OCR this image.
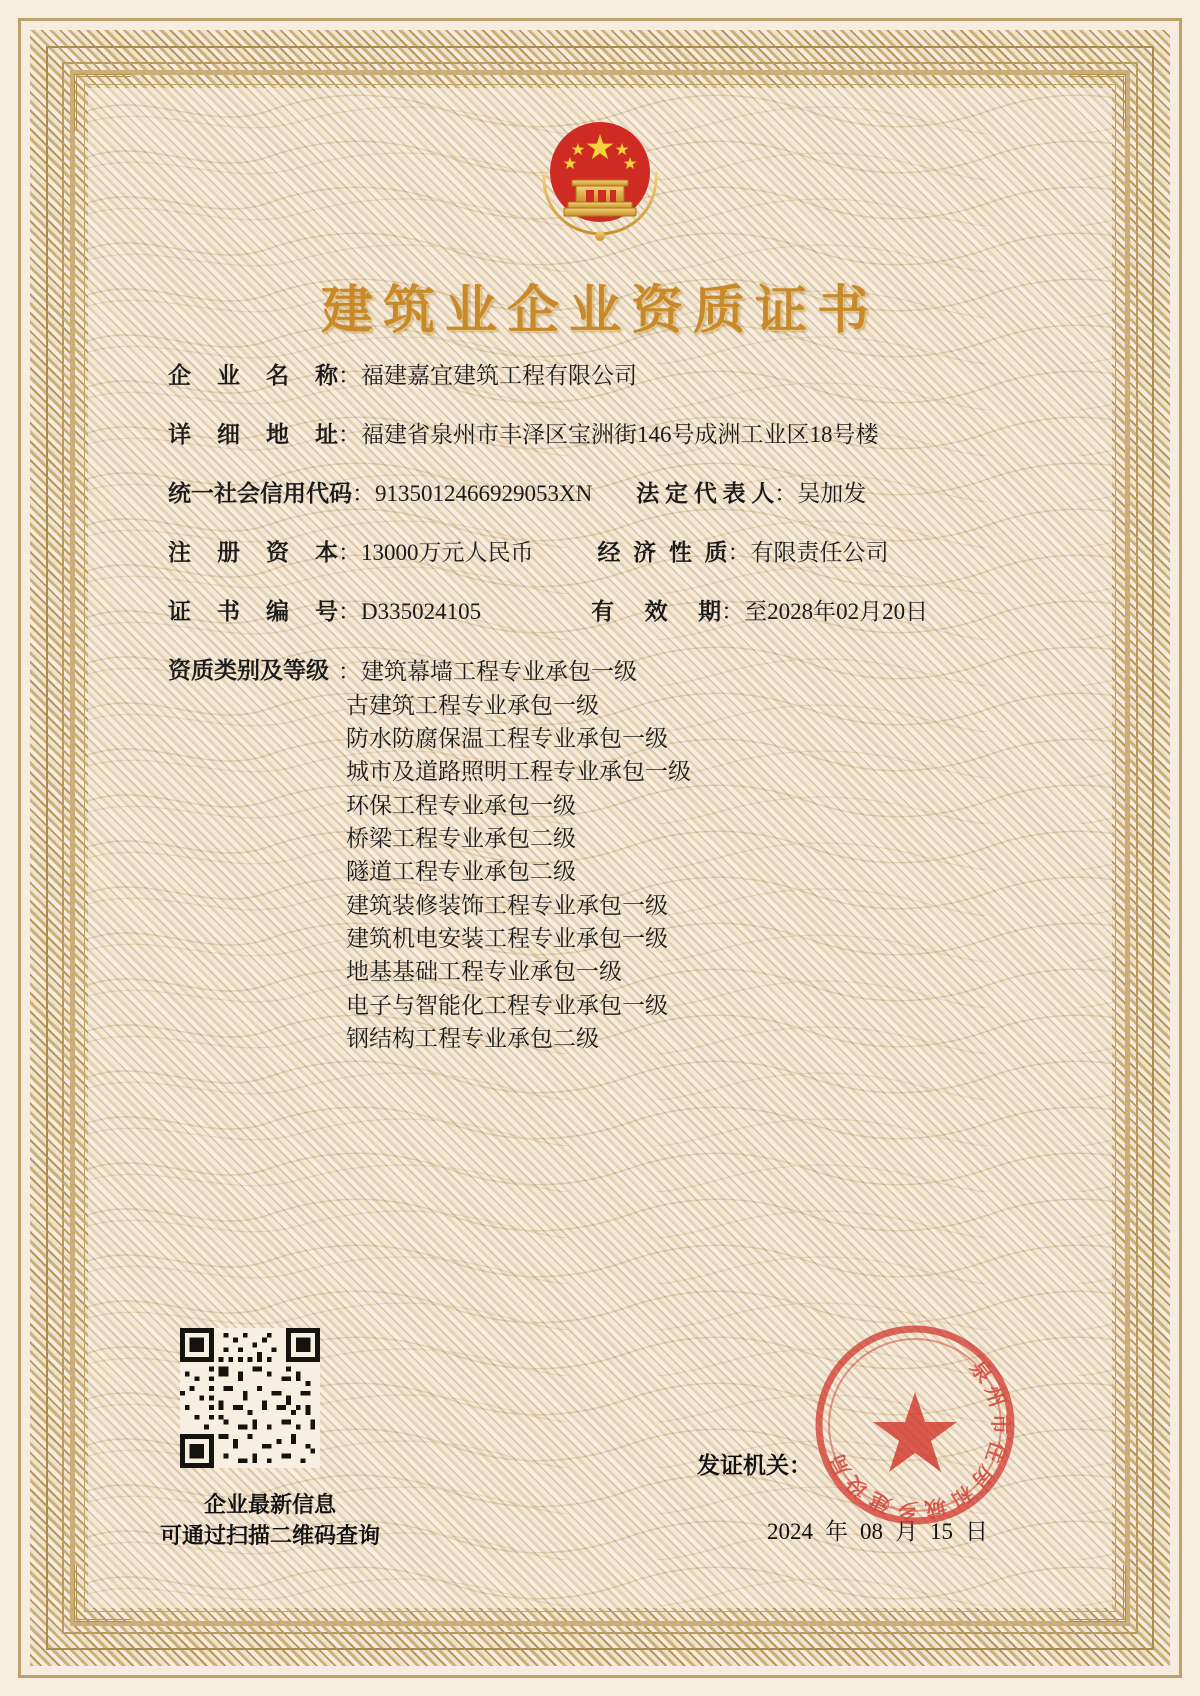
建筑业企业资质证书
企 业 名 称 ：福建嘉宜建筑工程有限公司
详 细 地 址 ：福建省泉州市丰泽区宝洲街146号成洲工业区18号楼
统一社会信用代码 ：9135012466929053XN 法 定 代 表 人 ：吴加发
注 册 资 本 ：13000万元人民币	经 济 性 质 ：有限责任公司
证 书 编 号 ：D335024105	有 效 期 ：至2028年02月20日
资质类别及等级 ：建筑幕墙工程专业承包一级
古建筑工程专业承包一级
防水防腐保温工程专业承包一级
城市及道路照明工程专业承包一级
环保工程专业承包一级
桥梁工程专业承包二级
隧道工程专业承包二级
建筑装修装饰工程专业承包一级
建筑机电安装工程专业承包一级
地基基础工程专业承包一级
电子与智能化工程专业承包一级
钢结构工程专业承包二级
企业最新信息
可通过扫描二维码查询
发证机关：
2024 年 08 月 15 日
泉州市住房和城乡建设局
